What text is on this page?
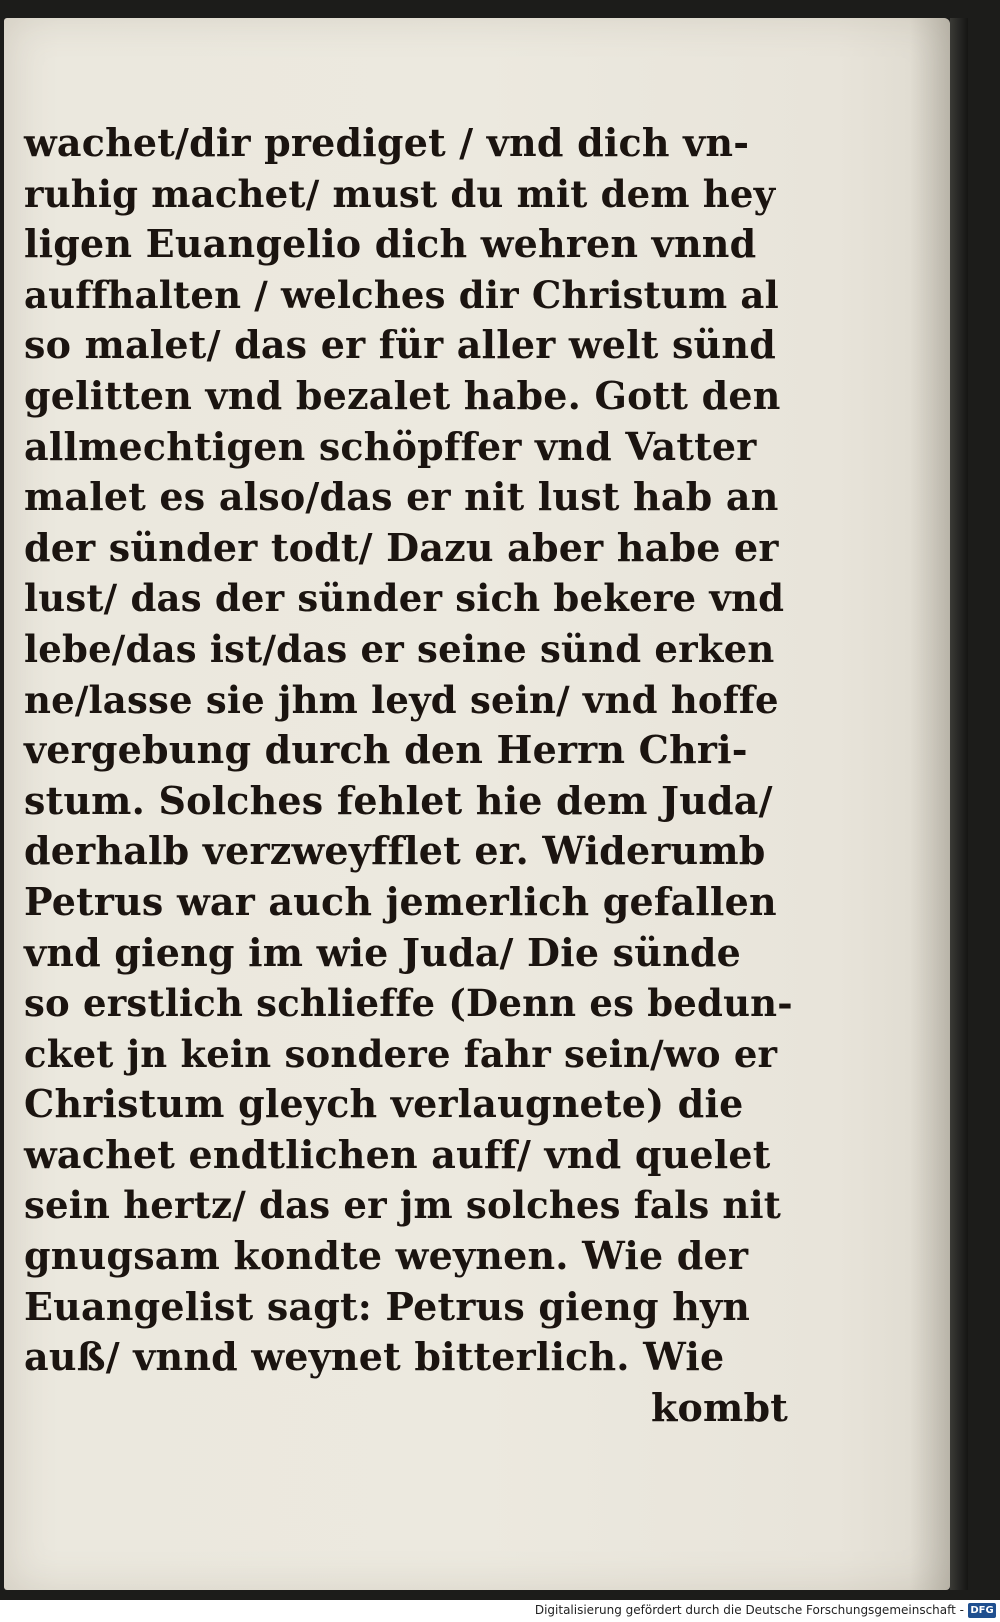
wachet/dir prediget / vnd dich vn-
ruhig machet/ must du mit dem hey
ligen Euangelio dich wehren vnnd
auffhalten / welches dir Christum al
so malet/ das er für aller welt sünd
gelitten vnd bezalet habe. Gott den
allmechtigen schöpffer vnd Vatter
malet es also/das er nit lust hab an
der sünder todt/ Dazu aber habe er
lust/ das der sünder sich bekere vnd
lebe/das ist/das er seine sünd erken
ne/lasse sie jhm leyd sein/ vnd hoffe
vergebung durch den Herrn Chri-
stum. Solches fehlet hie dem Juda/
derhalb verzweyfflet er. Widerumb
Petrus war auch jemerlich gefallen
vnd gieng im wie Juda/ Die sünde
so erstlich schlieffe (Denn es bedun-
cket jn kein sondere fahr sein/wo er
Christum gleych verlaugnete) die
wachet endtlichen auff/ vnd quelet
sein hertz/ das er jm solches fals nit
gnugsam kondte weynen. Wie der
Euangelist sagt: Petrus gieng hyn
auß/ vnnd weynet bitterlich. Wie
kombt
Digitalisierung gefördert durch die Deutsche Forschungsgemeinschaft - DFG
